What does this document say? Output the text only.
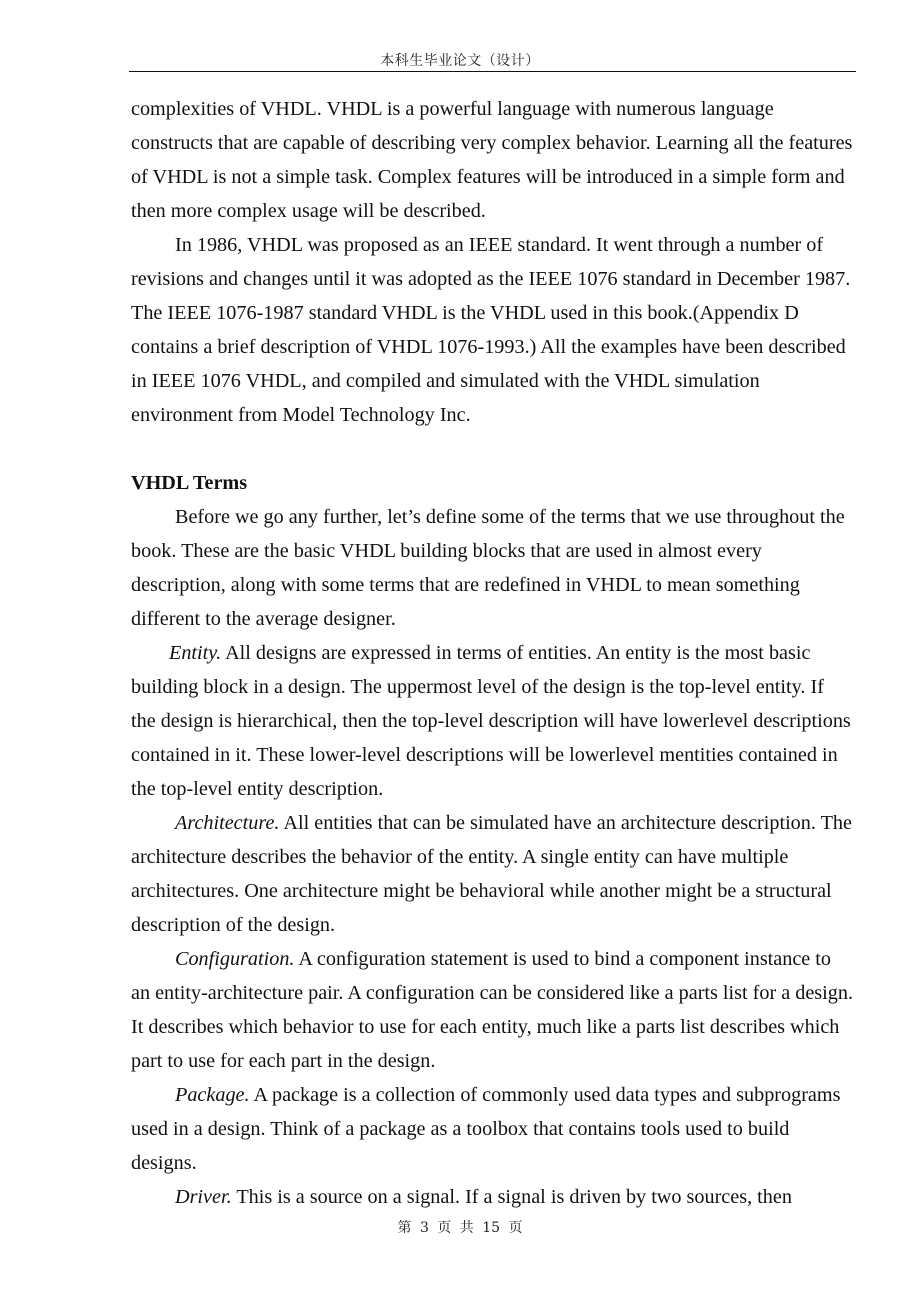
本科生毕业论文（设计）

complexities of VHDL. VHDL is a powerful language with numerous language constructs that are capable of describing very complex behavior. Learning all the features of VHDL is not a simple task. Complex features will be introduced in a simple form and then more complex usage will be described.

In 1986, VHDL was proposed as an IEEE standard. It went through a number of revisions and changes until it was adopted as the IEEE 1076 standard in December 1987. The IEEE 1076-1987 standard VHDL is the VHDL used in this book.(Appendix D contains a brief description of VHDL 1076-1993.) All the examples have been described in IEEE 1076 VHDL, and compiled and simulated with the VHDL simulation environment from Model Technology Inc.

VHDL Terms

Before we go any further, let’s define some of the terms that we use throughout the book. These are the basic VHDL building blocks that are used in almost every description, along with some terms that are redefined in VHDL to mean something different to the average designer.

Entity. All designs are expressed in terms of entities. An entity is the most basic building block in a design. The uppermost level of the design is the top-level entity. If the design is hierarchical, then the top-level description will have lowerlevel descriptions contained in it. These lower-level descriptions will be lowerlevel mentities contained in the top-level entity description.

Architecture. All entities that can be simulated have an architecture description. The architecture describes the behavior of the entity. A single entity can have multiple architectures. One architecture might be behavioral while another might be a structural description of the design.

Configuration. A configuration statement is used to bind a component instance to an entity-architecture pair. A configuration can be considered like a parts list for a design. It describes which behavior to use for each entity, much like a parts list describes which part to use for each part in the design.

Package. A package is a collection of commonly used data types and subprograms used in a design. Think of a package as a toolbox that contains tools used to build designs.

Driver. This is a source on a signal. If a signal is driven by two sources, then

第 3 页 共 15 页
